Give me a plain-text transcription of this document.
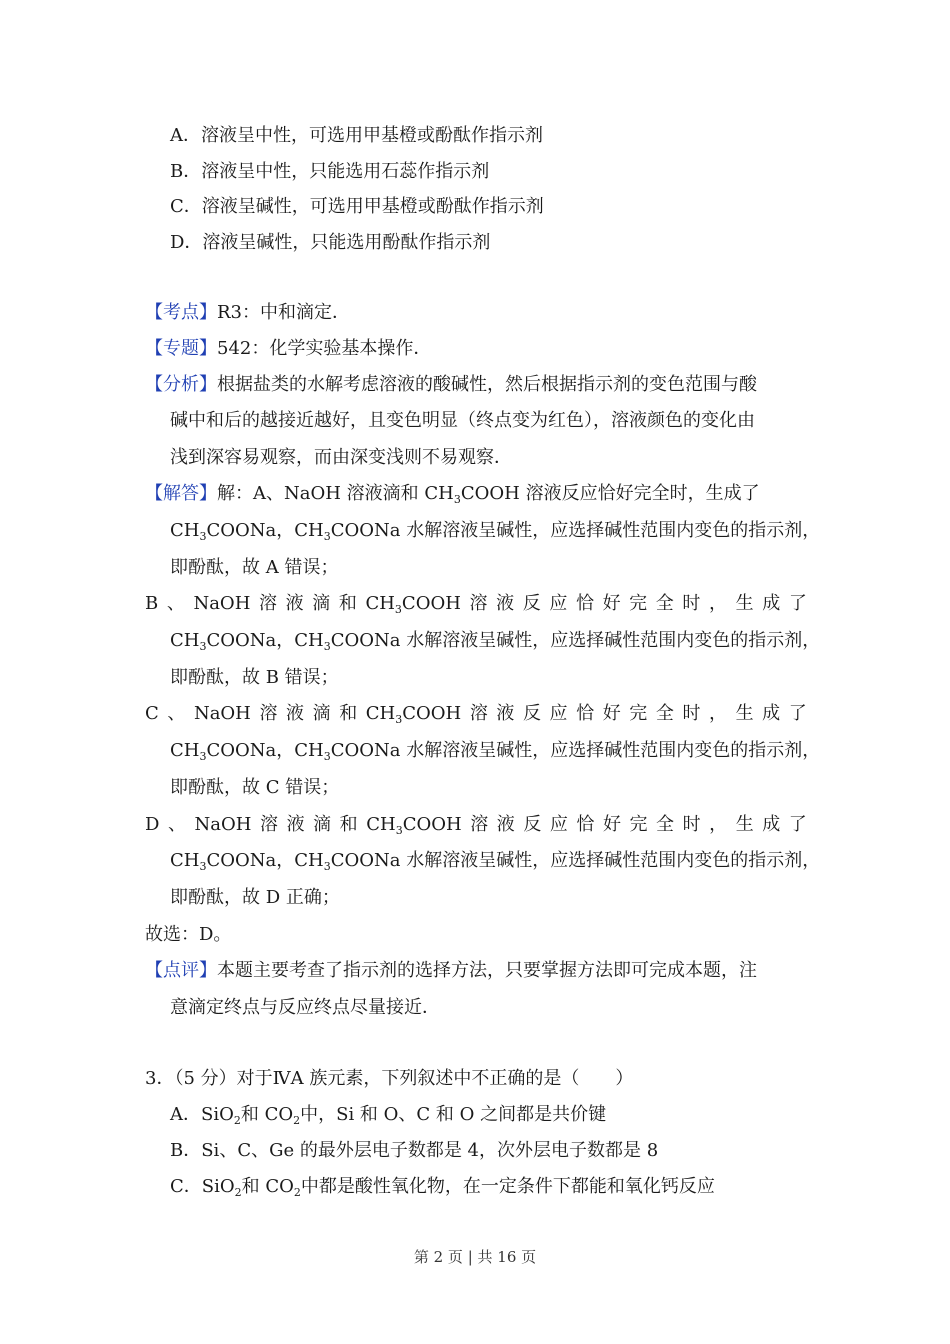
A．溶液呈中性，可选用甲基橙或酚酞作指示剂
B．溶液呈中性，只能选用石蕊作指示剂
C．溶液呈碱性，可选用甲基橙或酚酞作指示剂
D．溶液呈碱性，只能选用酚酞作指示剂
【考点】R3：中和滴定．
【专题】542：化学实验基本操作．
【分析】根据盐类的水解考虑溶液的酸碱性，然后根据指示剂的变色范围与酸
碱中和后的越接近越好，且变色明显（终点变为红色），溶液颜色的变化由
浅到深容易观察，而由深变浅则不易观察．
【解答】解：A、NaOH 溶液滴和 $CH_3COOH$ 溶液反应恰好完全时，生成了
$CH_3COONa$，$CH_3COONa$ 水解溶液呈碱性，应选择碱性范围内变色的指示剂，
即酚酞，故 A 错误；
B 、 NaOH 溶 液 滴 和 $CH_3COOH$ 溶 液 反 应 恰 好 完 全 时 ， 生 成 了
$CH_3COONa$，$CH_3COONa$ 水解溶液呈碱性，应选择碱性范围内变色的指示剂，
即酚酞，故 B 错误；
C 、 NaOH 溶 液 滴 和 $CH_3COOH$ 溶 液 反 应 恰 好 完 全 时 ， 生 成 了
$CH_3COONa$，$CH_3COONa$ 水解溶液呈碱性，应选择碱性范围内变色的指示剂，
即酚酞，故 C 错误；
D 、 NaOH 溶 液 滴 和 $CH_3COOH$ 溶 液 反 应 恰 好 完 全 时 ， 生 成 了
$CH_3COONa$，$CH_3COONa$ 水解溶液呈碱性，应选择碱性范围内变色的指示剂，
即酚酞，故 D 正确；
故选：D。
【点评】本题主要考查了指示剂的选择方法，只要掌握方法即可完成本题，注
意滴定终点与反应终点尽量接近．
3．（5 分）对于ⅣA 族元素，下列叙述中不正确的是（　　）
A．SiO$_2$和 $CO_2$中，Si 和 O、C 和 O 之间都是共价键
B．Si、C、Ge 的最外层电子数都是 4，次外层电子数都是 8
C．SiO$_2$和 $CO_2$中都是酸性氧化物，在一定条件下都能和氧化钙反应
第 2 页 | 共 16 页
